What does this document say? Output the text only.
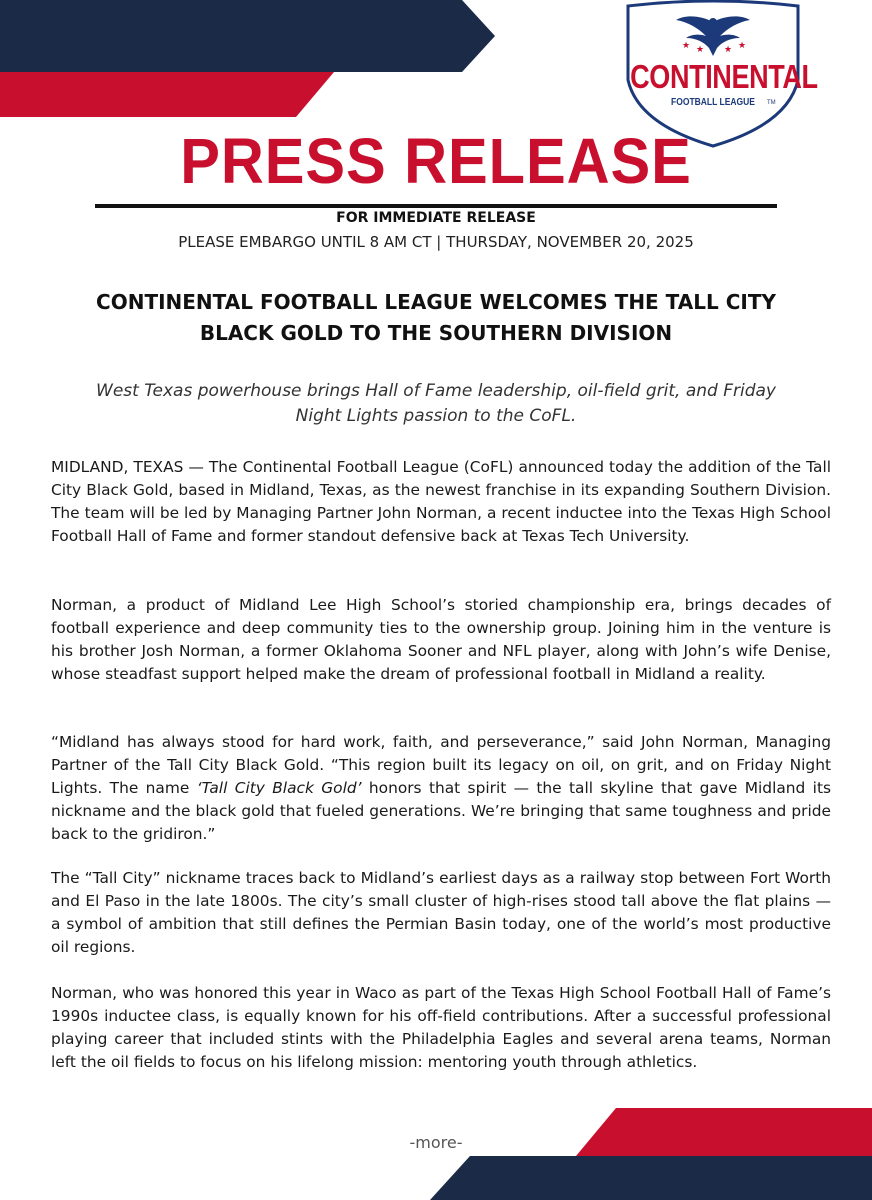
★ ★ ★ ★
CONTINENTAL
FOOTBALL LEAGUE	TM
PRESS RELEASE
FOR IMMEDIATE RELEASE
PLEASE EMBARGO UNTIL 8 AM CT | THURSDAY, NOVEMBER 20, 2025
CONTINENTAL FOOTBALL LEAGUE WELCOMES THE TALL CITY
BLACK GOLD TO THE SOUTHERN DIVISION
West Texas powerhouse brings Hall of Fame leadership, oil-field grit, and Friday
Night Lights passion to the CoFL.

MIDLAND, TEXAS — The Continental Football League (CoFL) announced today the addition of the Tall City Black Gold, based in Midland, Texas, as the newest franchise in its expanding Southern Division. The team will be led by Managing Partner John Norman, a recent inductee into the Texas High School Football Hall of Fame and former standout defensive back at Texas Tech University.

Norman, a product of Midland Lee High School’s storied championship era, brings decades of football experience and deep community ties to the ownership group. Joining him in the venture is his brother Josh Norman, a former Oklahoma Sooner and NFL player, along with John’s wife Denise, whose steadfast support helped make the dream of professional football in Midland a reality.

“Midland has always stood for hard work, faith, and perseverance,” said John Norman, Managing Partner of the Tall City Black Gold. “This region built its legacy on oil, on grit, and on Friday Night Lights. The name ‘Tall City Black Gold’ honors that spirit — the tall skyline that gave Midland its nickname and the black gold that fueled generations. We’re bringing that same toughness and pride back to the gridiron.”

The “Tall City” nickname traces back to Midland’s earliest days as a railway stop between Fort Worth and El Paso in the late 1800s. The city’s small cluster of high-rises stood tall above the flat plains — a symbol of ambition that still defines the Permian Basin today, one of the world’s most productive oil regions.

Norman, who was honored this year in Waco as part of the Texas High School Football Hall of Fame’s 1990s inductee class, is equally known for his off-field contributions. After a successful professional playing career that included stints with the Philadelphia Eagles and several arena teams, Norman left the oil fields to focus on his lifelong mission: mentoring youth through athletics.

-more-
